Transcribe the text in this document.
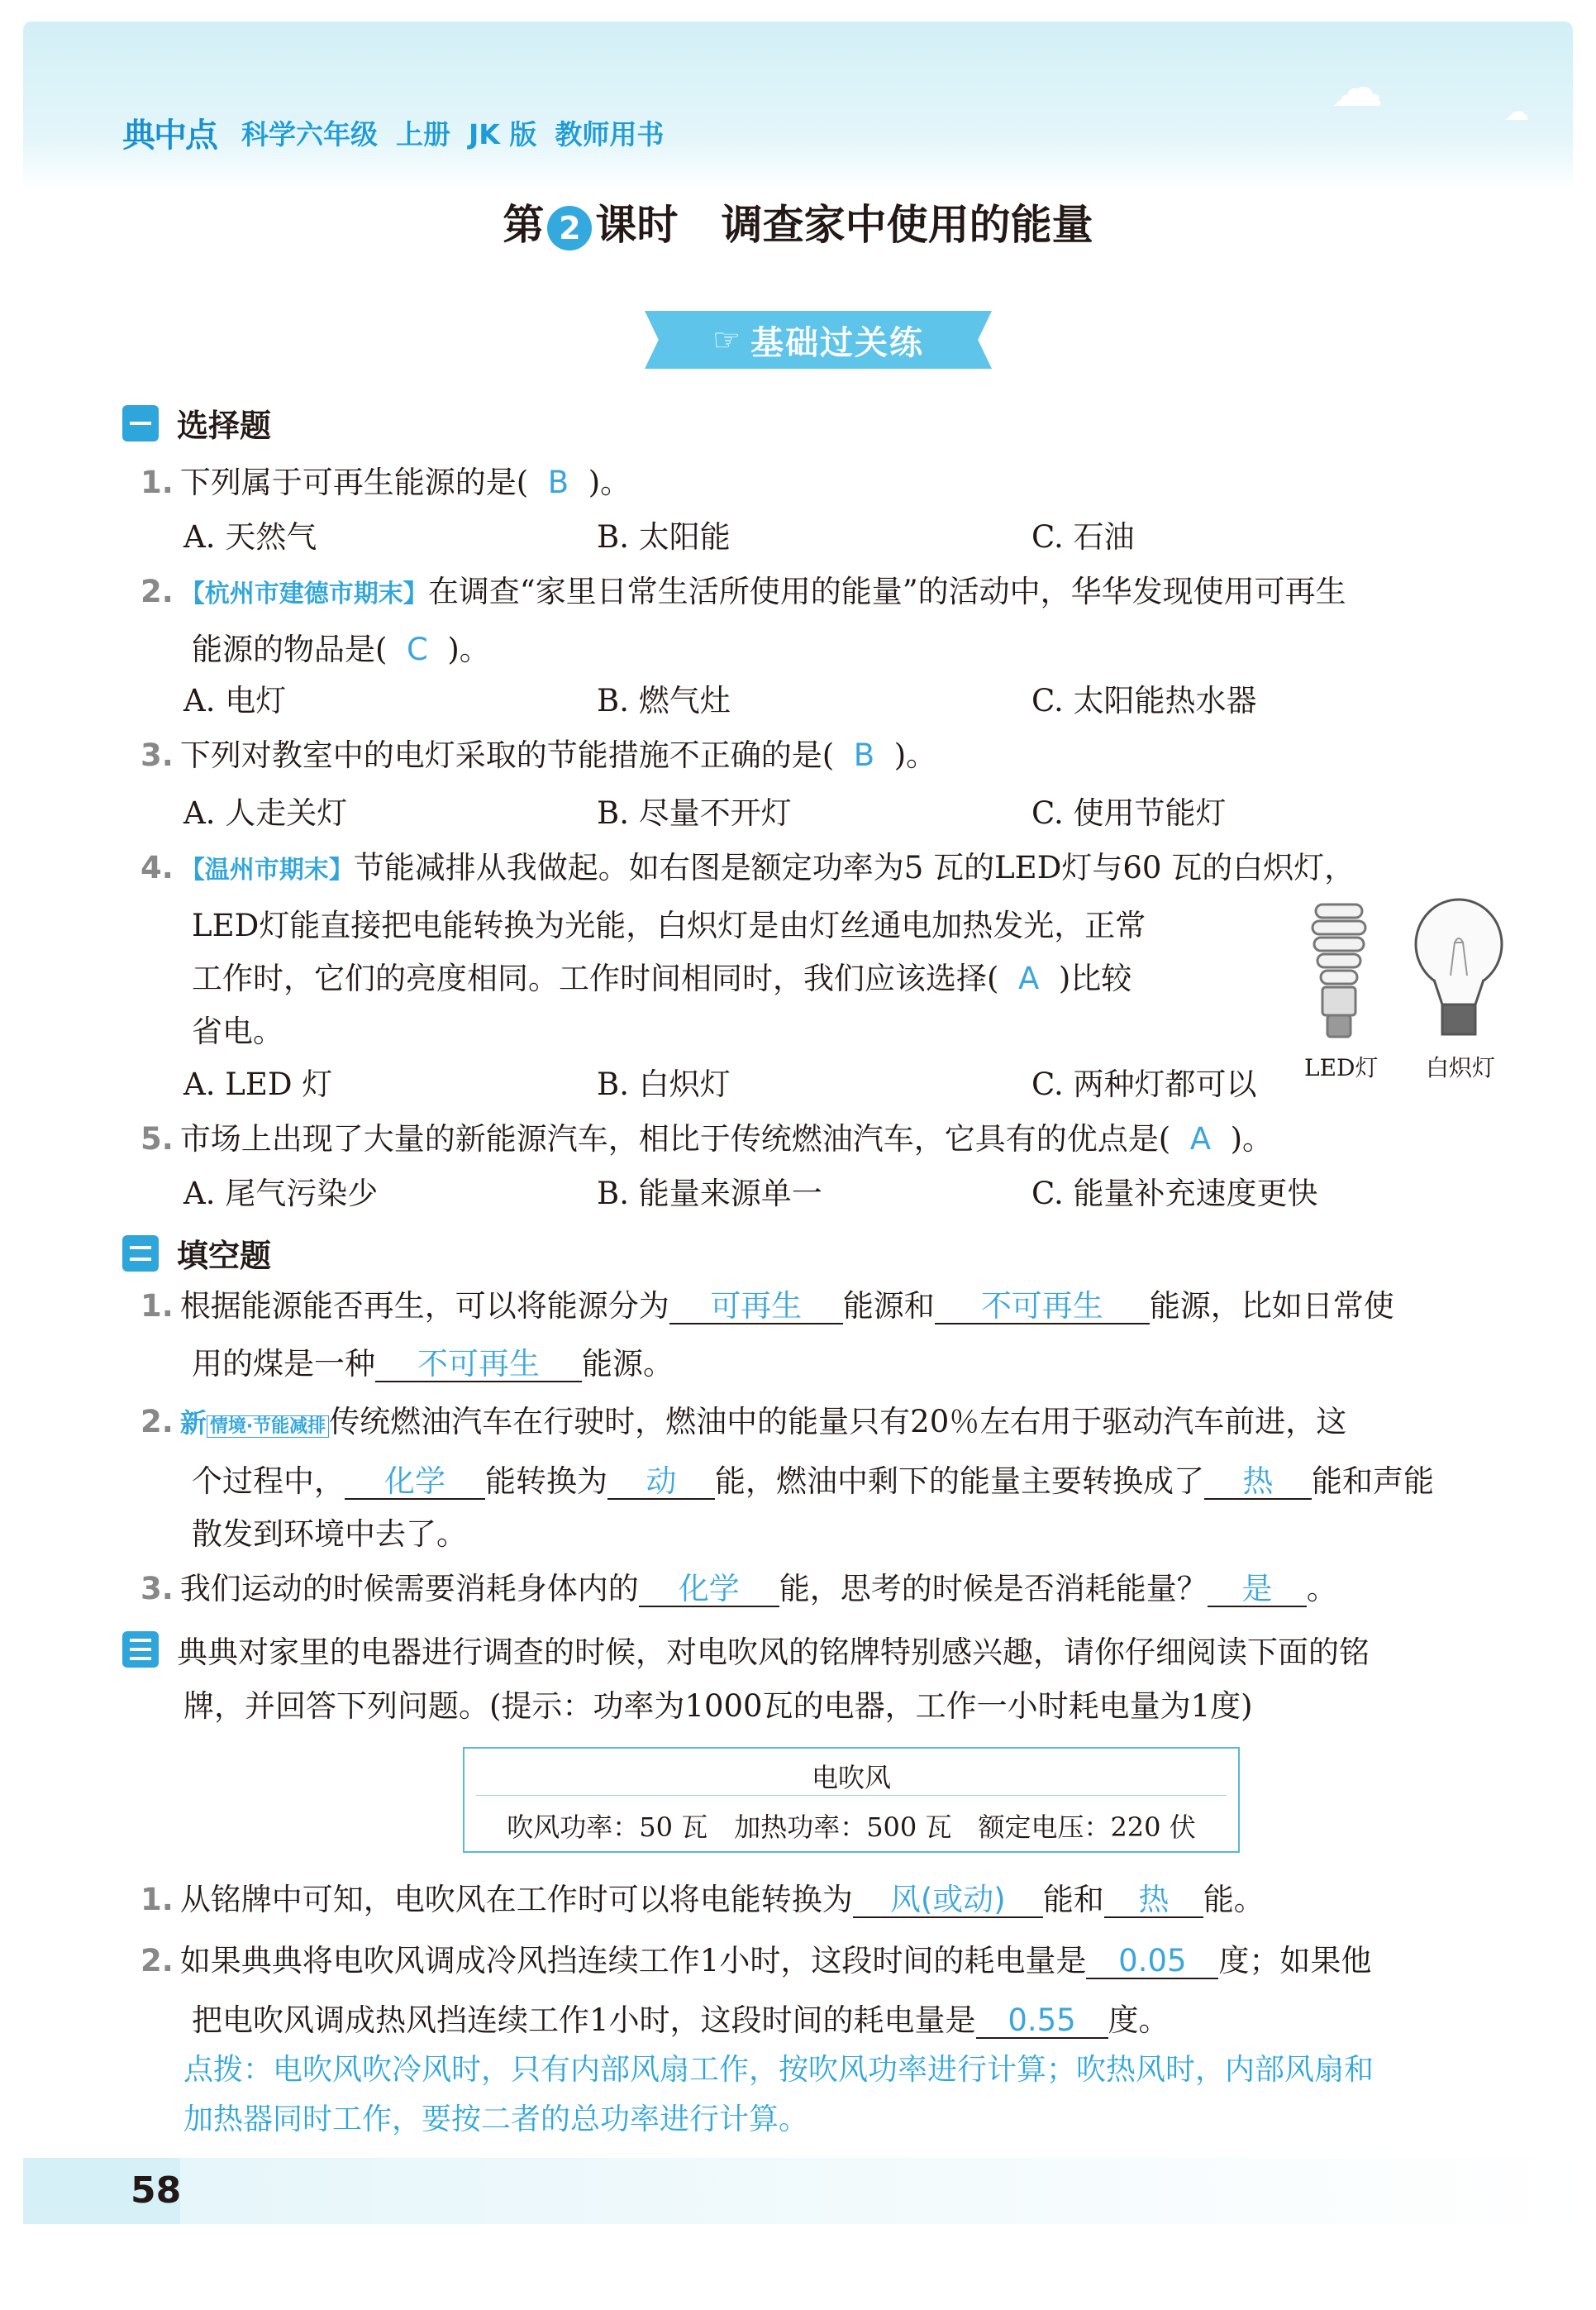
☁	☁
典中点 科学六年级 上册 JK 版 教师用书
第 2 课时 调查家中使用的能量
☞ 基础过关练
选择题
1. 下列属于可再生能源的是( B )。
A. 天然气	B. 太阳能	C. 石油
2. 【杭州市建德市期末】在调查“家里日常生活所使用的能量”的活动中，华华发现使用可再生
能源的物品是( C )。
A. 电灯	B. 燃气灶	C. 太阳能热水器
3. 下列对教室中的电灯采取的节能措施不正确的是( B )。
A. 人走关灯	B. 尽量不开灯	C. 使用节能灯
4. 【温州市期末】节能减排从我做起。如右图是额定功率为5 瓦的LED灯与60 瓦的白炽灯，
LED灯能直接把电能转换为光能，白炽灯是由灯丝通电加热发光，正常
工作时，它们的亮度相同。工作时间相同时，我们应该选择( A )比较
省电。
A. LED 灯	B. 白炽灯	C. 两种灯都可以 LED灯 白炽灯
5. 市场上出现了大量的新能源汽车，相比于传统燃油汽车，它具有的优点是( A )。
A. 尾气污染少	B. 能量来源单一	C. 能量补充速度更快
填空题
1. 根据能源能否再生，可以将能源分为 可再生 能源和 不可再生 能源，比如日常使
用的煤是一种 不可再生 能源。
2. 新 情境·节能减排 传统燃油汽车在行驶时，燃油中的能量只有20％左右用于驱动汽车前进，这
个过程中， 化学 能转换为 动 能，燃油中剩下的能量主要转换成了 热 能和声能
散发到环境中去了。
3. 我们运动的时候需要消耗身体内的 化学 能，思考的时候是否消耗能量？ 是 。
典典对家里的电器进行调查的时候，对电吹风的铭牌特别感兴趣，请你仔细阅读下面的铭
牌，并回答下列问题。(提示：功率为1000瓦的电器，工作一小时耗电量为1度)
电吹风
吹风功率：50 瓦　加热功率：500 瓦　额定电压：220 伏
1. 从铭牌中可知，电吹风在工作时可以将电能转换为 风(或动) 能和 热 能。
2. 如果典典将电吹风调成冷风挡连续工作1小时，这段时间的耗电量是 0.05 度；如果他
把电吹风调成热风挡连续工作1小时，这段时间的耗电量是 0.55 度。
点拨：电吹风吹冷风时，只有内部风扇工作，按吹风功率进行计算；吹热风时，内部风扇和
加热器同时工作，要按二者的总功率进行计算。
58
